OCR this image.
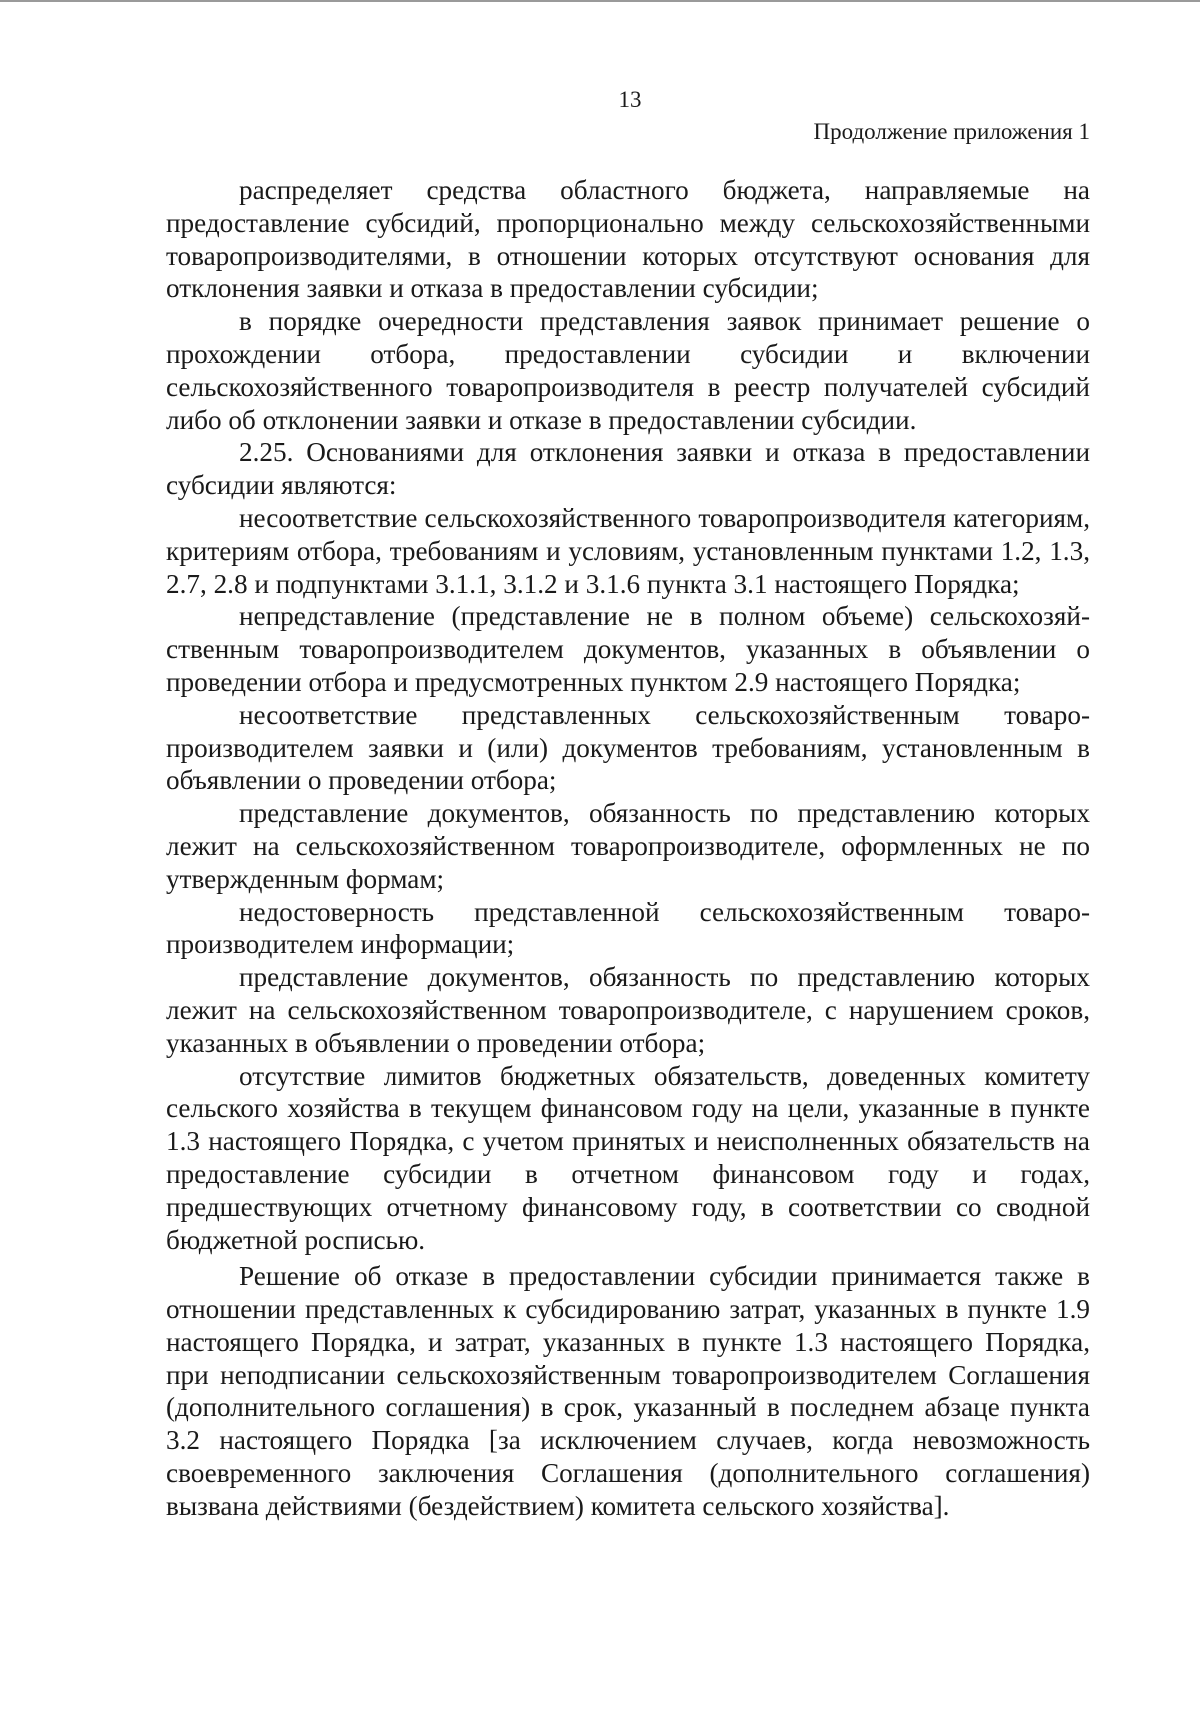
13
Продолжение приложения 1

распределяет средства областного бюджета, направляемые на предоставление субсидий, пропорционально между сельскохозяйственными товаропроизводителями, в отношении которых отсутствуют основания для отклонения заявки и отказа в предоставлении субсидии;

в порядке очередности представления заявок принимает решение о прохождении отбора, предоставлении субсидии и включении сельскохозяйственного товаропроизводителя в реестр получателей субсидий либо об отклонении заявки и отказе в предоставлении субсидии.

2.25. Основаниями для отклонения заявки и отказа в предоставлении субсидии являются:

несоответствие сельскохозяйственного товаропроизводителя категориям, критериям отбора, требованиям и условиям, установленным пунктами 1.2, 1.3, 2.7, 2.8 и подпунктами 3.1.1, 3.1.2 и 3.1.6 пункта 3.1 настоящего Порядка;

непредставление (представление не в полном объеме) сельскохозяйственным товаропроизводителем документов, указанных в объявлении о проведении отбора и предусмотренных пунктом 2.9 настоящего Порядка;

несоответствие представленных сельскохозяйственным товаропроизводителем заявки и (или) документов требованиям, установленным в объявлении о проведении отбора;

представление документов, обязанность по представлению которых лежит на сельскохозяйственном товаропроизводителе, оформленных не по утвержденным формам;

недостоверность представленной сельскохозяйственным товаропроизводителем информации;

представление документов, обязанность по представлению которых лежит на сельскохозяйственном товаропроизводителе, с нарушением сроков, указанных в объявлении о проведении отбора;

отсутствие лимитов бюджетных обязательств, доведенных комитету сельского хозяйства в текущем финансовом году на цели, указанные в пункте 1.3 настоящего Порядка, с учетом принятых и неисполненных обязательств на предоставление субсидии в отчетном финансовом году и годах, предшествующих отчетному финансовому году, в соответствии со сводной бюджетной росписью.

Решение об отказе в предоставлении субсидии принимается также в отношении представленных к субсидированию затрат, указанных в пункте 1.9 настоящего Порядка, и затрат, указанных в пункте 1.3 настоящего Порядка, при неподписании сельскохозяйственным товаропроизводителем Соглашения (дополнительного соглашения) в срок, указанный в последнем абзаце пункта 3.2 настоящего Порядка [за исключением случаев, когда невозможность своевременного заключения Соглашения (дополнительного соглашения) вызвана действиями (бездействием) комитета сельского хозяйства].
